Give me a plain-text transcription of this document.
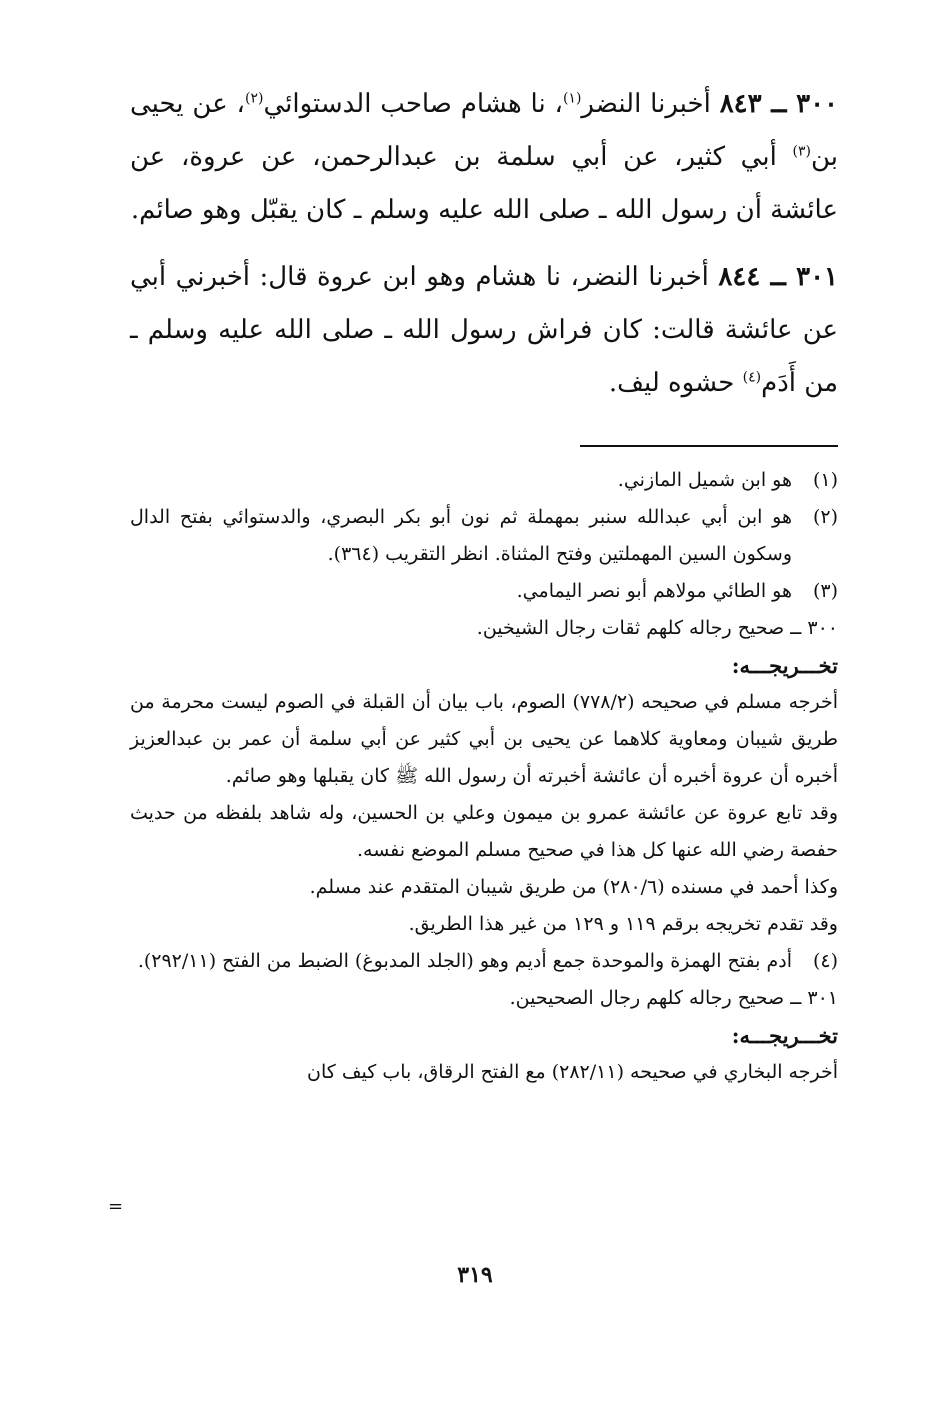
٣٠٠ ــ ٨٤٣ أخبرنا النضر$^{(١)}$، نا هشام صاحب الدستوائي$^{(٢)}$، عن يحيى بن$^{(٣)}$ أبي كثير، عن أبي سلمة بن عبدالرحمن، عن عروة، عن عائشة أن رسول الله ـ صلى الله عليه وسلم ـ كان يقبّل وهو صائم.

٣٠١ ــ ٨٤٤ أخبرنا النضر، نا هشام وهو ابن عروة قال: أخبرني أبي عن عائشة قالت: كان فراش رسول الله ـ صلى الله عليه وسلم ـ من أَدَم$^{(٤)}$ حشوه ليف.

(١)
هو ابن شميل المازني.
(٢)
هو ابن أبي عبدالله سنبر بمهملة ثم نون أبو بكر البصري، والدستوائي بفتح الدال وسكون السين المهملتين وفتح المثناة. انظر التقريب (٣٦٤).
(٣)
هو الطائي مولاهم أبو نصر اليمامي.

٣٠٠ ــ صحيح رجاله كلهم ثقات رجال الشيخين.

تخـــريجـــه:

أخرجه مسلم في صحيحه (٧٧٨/٢) الصوم، باب بيان أن القبلة في الصوم ليست محرمة من طريق شيبان ومعاوية كلاهما عن يحيى بن أبي كثير عن أبي سلمة أن عمر بن عبدالعزيز أخبره أن عروة أخبره أن عائشة أخبرته أن رسول الله ﷺ كان يقبلها وهو صائم.

وقد تابع عروة عن عائشة عمرو بن ميمون وعلي بن الحسين، وله شاهد بلفظه من حديث حفصة رضي الله عنها كل هذا في صحيح مسلم الموضع نفسه.

وكذا أحمد في مسنده (٢٨٠/٦) من طريق شيبان المتقدم عند مسلم.

وقد تقدم تخريجه برقم ١١٩ و ١٢٩ من غير هذا الطريق.

(٤)
أدم بفتح الهمزة والموحدة جمع أديم وهو (الجلد المدبوغ) الضبط من الفتح (٢٩٢/١١).

٣٠١ ــ صحيح رجاله كلهم رجال الصحيحين.

تخـــريجـــه:

أخرجه البخاري في صحيحه (٢٨٢/١١) مع الفتح الرقاق، باب كيف كان

=
٣١٩
